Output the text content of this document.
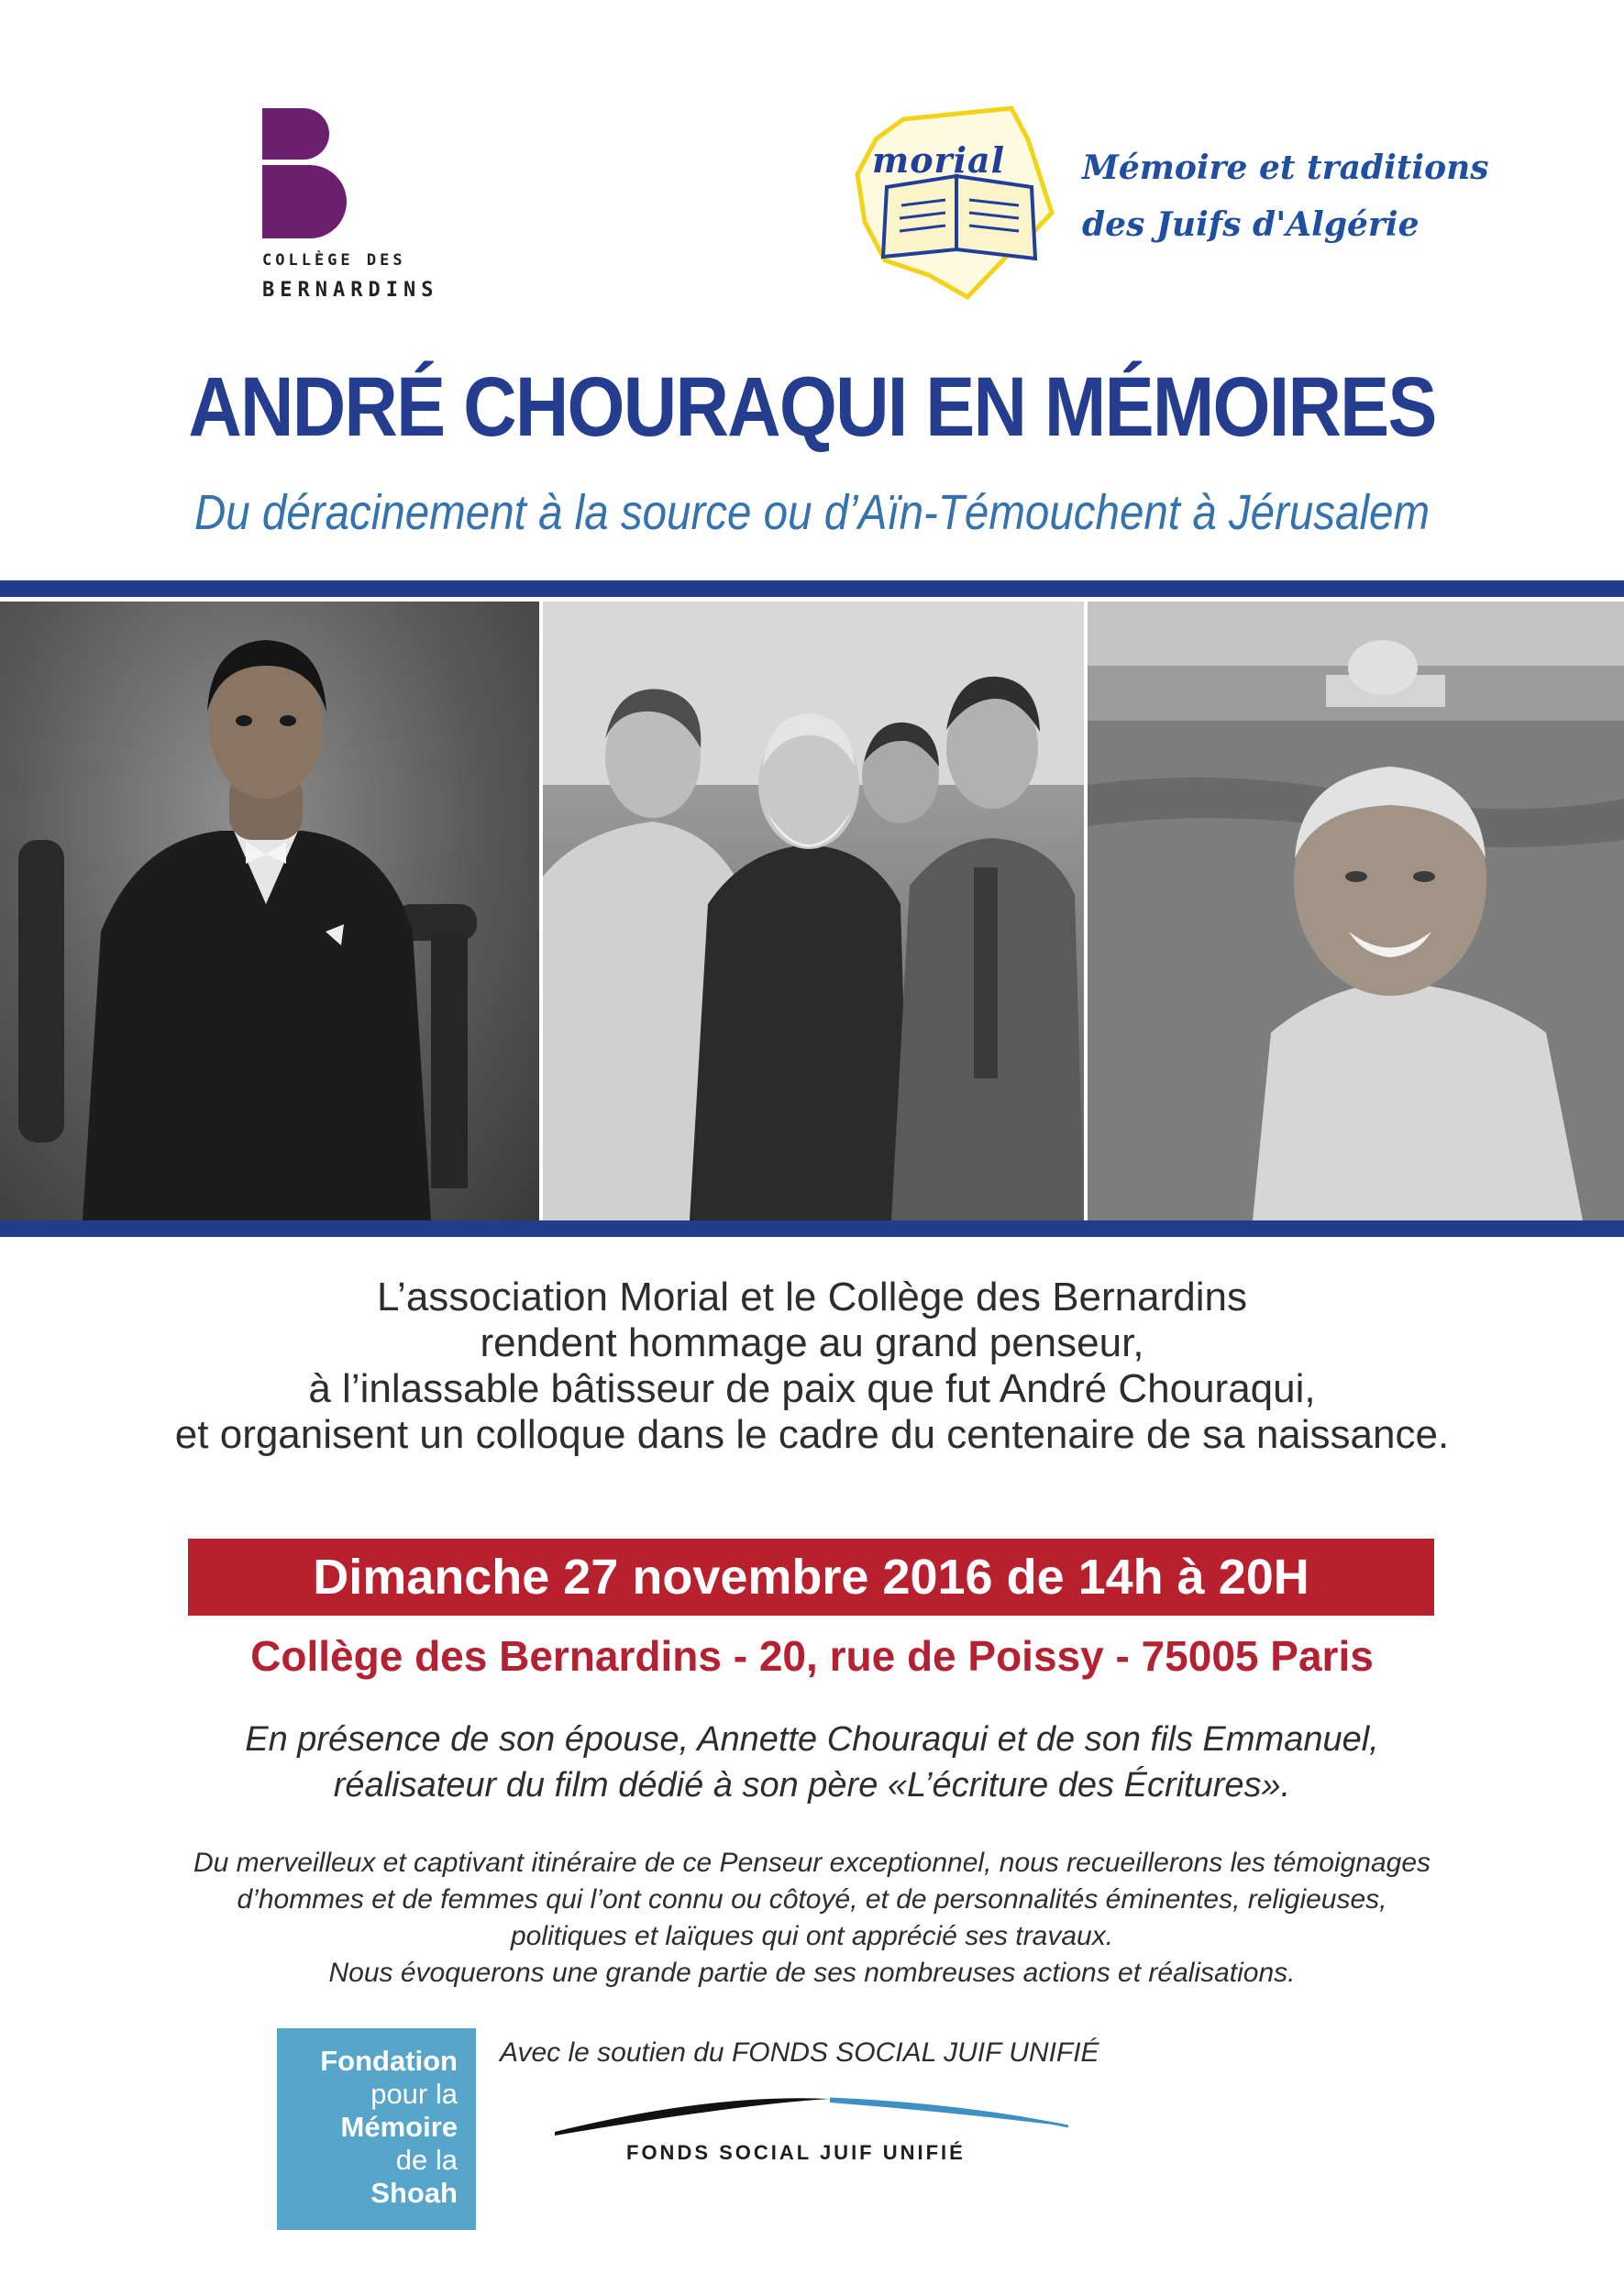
COLLÈGE DES
BERNARDINS
morial Mémoire et traditions
des Juifs d'Algérie
ANDRÉ CHOURAQUI EN MÉMOIRES
Du déracinement à la source ou d’Aïn-Témouchent à Jérusalem
L’association Morial et le Collège des Bernardins
rendent hommage au grand penseur,
à l’inlassable bâtisseur de paix que fut André Chouraqui,
et organisent un colloque dans le cadre du centenaire de sa naissance.
Dimanche 27 novembre 2016 de 14h à 20H
Collège des Bernardins - 20, rue de Poissy - 75005 Paris
En présence de son épouse, Annette Chouraqui et de son fils Emmanuel,
réalisateur du film dédié à son père «L’écriture des Écritures».
Du merveilleux et captivant itinéraire de ce Penseur exceptionnel, nous recueillerons les témoignages
d’hommes et de femmes qui l’ont connu ou côtoyé, et de personnalités éminentes, religieuses,
politiques et laïques qui ont apprécié ses travaux.
Nous évoquerons une grande partie de ses nombreuses actions et réalisations.
Fondation
pour la
Mémoire
de la
Shoah
Avec le soutien du FONDS SOCIAL JUIF UNIFIÉ
FONDS SOCIAL JUIF UNIFIÉ
